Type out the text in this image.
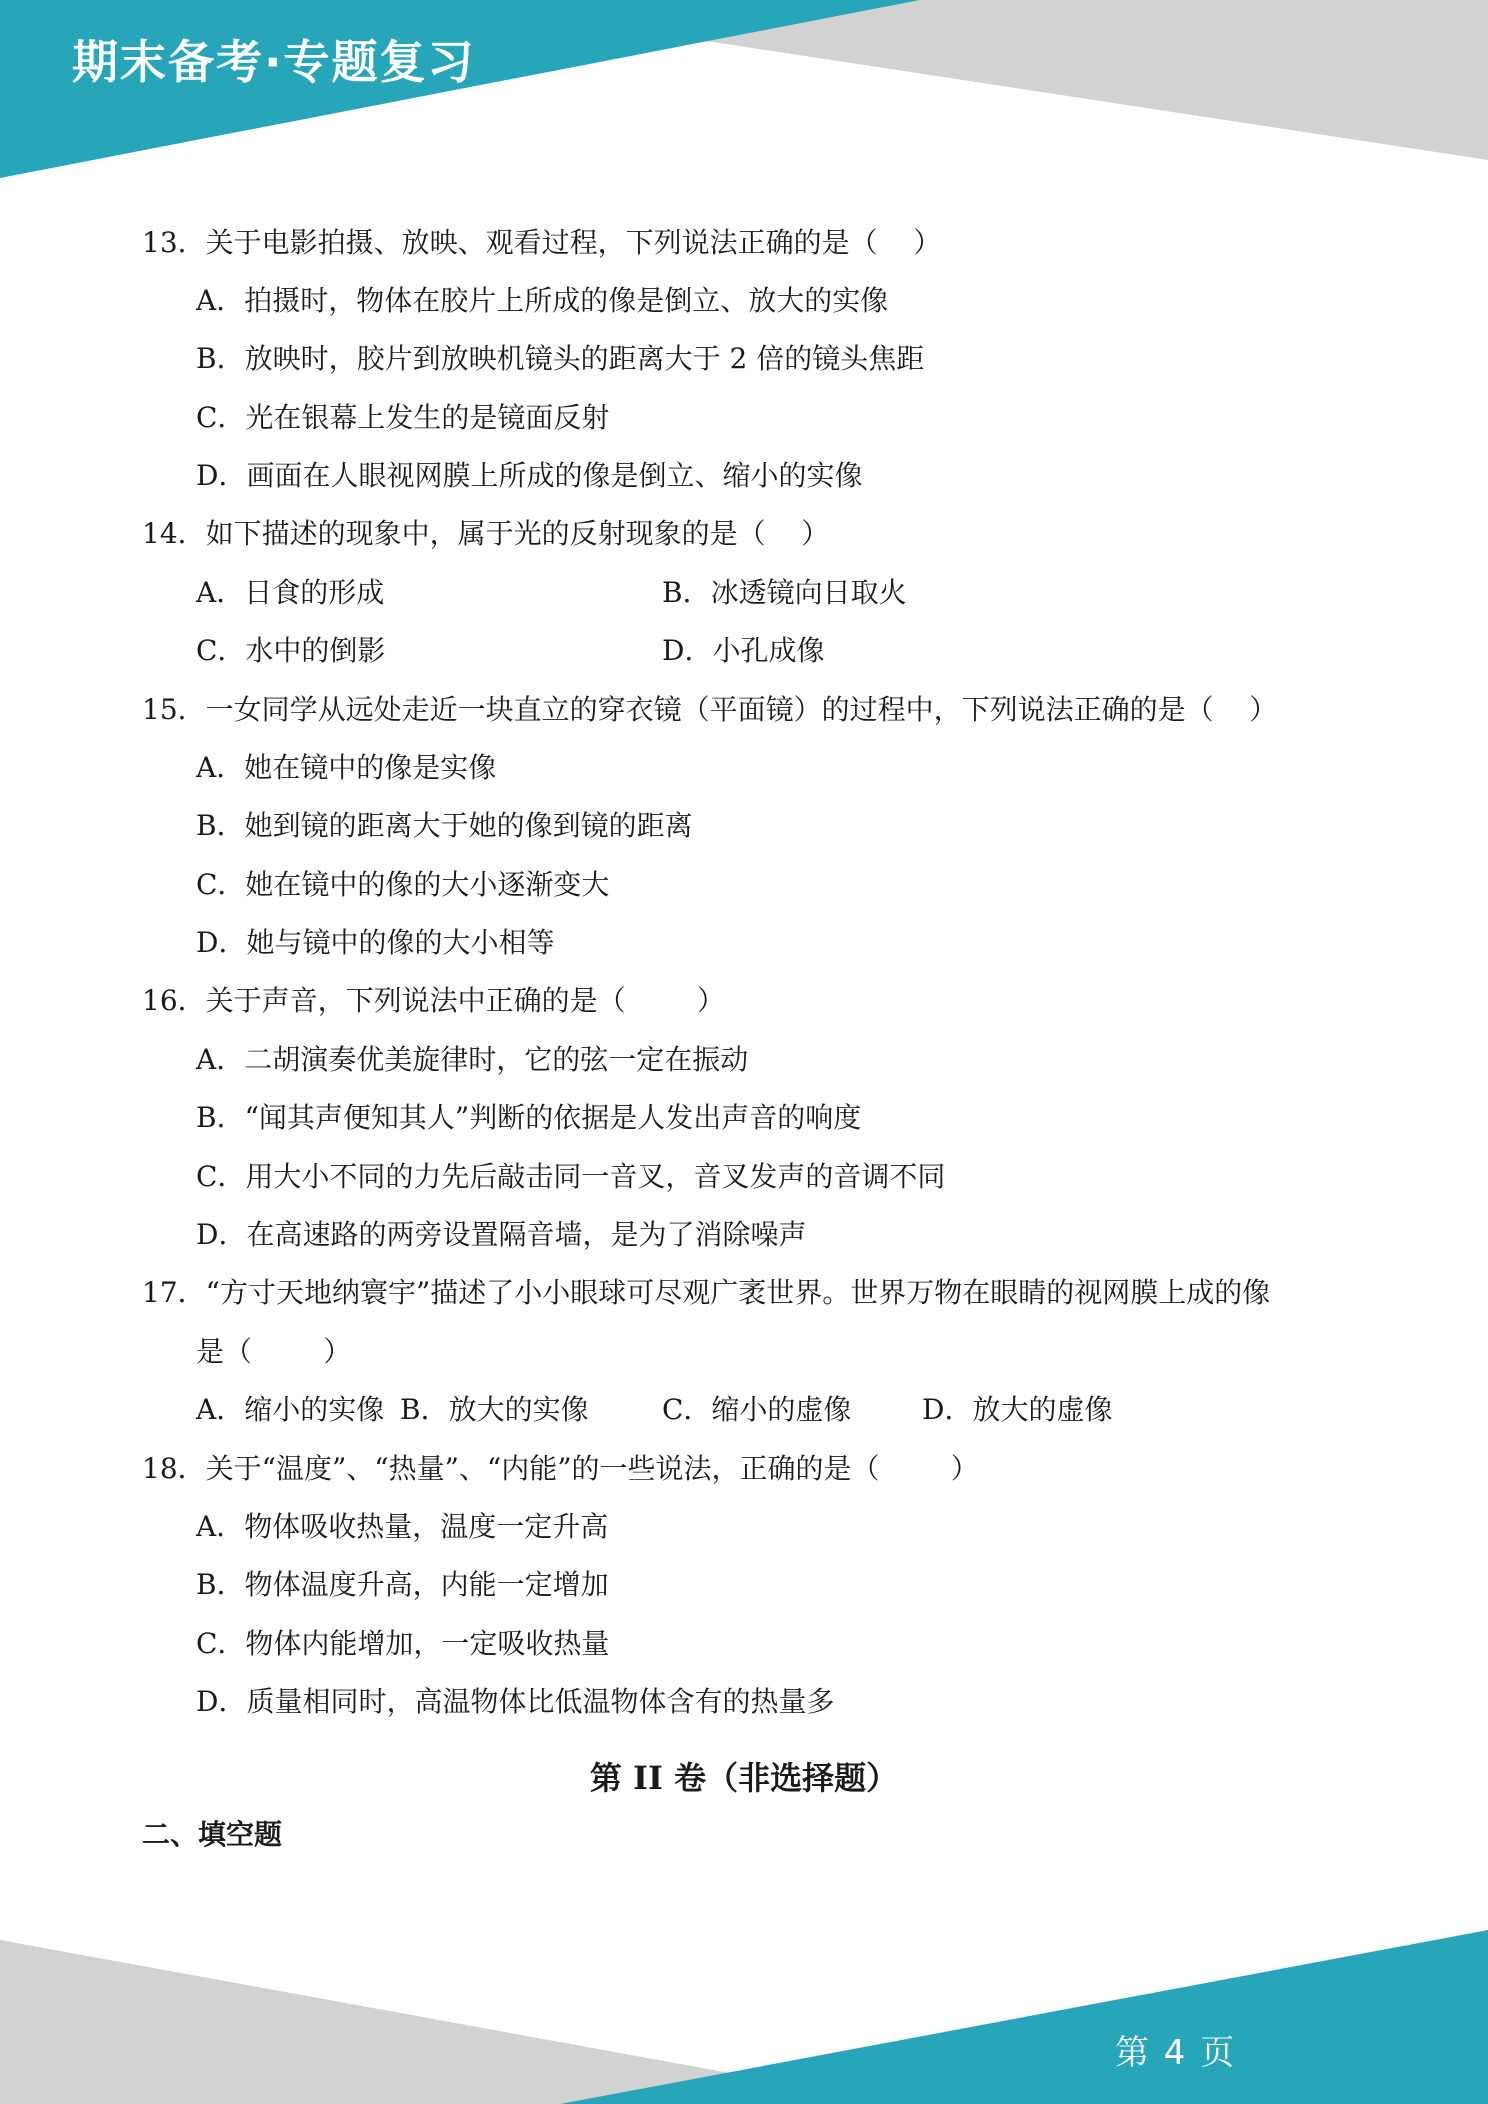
期末备考·专题复习
13．关于电影拍摄、放映、观看过程，下列说法正确的是（    ）
A．拍摄时，物体在胶片上所成的像是倒立、放大的实像
B．放映时，胶片到放映机镜头的距离大于 2 倍的镜头焦距
C．光在银幕上发生的是镜面反射
D．画面在人眼视网膜上所成的像是倒立、缩小的实像
14．如下描述的现象中，属于光的反射现象的是（    ）
A．日食的形成	B．冰透镜向日取火
C．水中的倒影	D．小孔成像
15．一女同学从远处走近一块直立的穿衣镜（平面镜）的过程中，下列说法正确的是（    ）
A．她在镜中的像是实像
B．她到镜的距离大于她的像到镜的距离
C．她在镜中的像的大小逐渐变大
D．她与镜中的像的大小相等
16．关于声音，下列说法中正确的是（        ）
A．二胡演奏优美旋律时，它的弦一定在振动
B．“闻其声便知其人”判断的依据是人发出声音的响度
C．用大小不同的力先后敲击同一音叉，音叉发声的音调不同
D．在高速路的两旁设置隔音墙，是为了消除噪声
17．“方寸天地纳寰宇”描述了小小眼球可尽观广袤世界。世界万物在眼睛的视网膜上成的像
是（        ）
A．缩小的实像 B．放大的实像	C．缩小的虚像	D．放大的虚像
18．关于“温度”、“热量”、“内能”的一些说法，正确的是（        ）
A．物体吸收热量，温度一定升高
B．物体温度升高，内能一定增加
C．物体内能增加，一定吸收热量
D．质量相同时，高温物体比低温物体含有的热量多
第 II 卷（非选择题）
二、填空题
第 4 页
